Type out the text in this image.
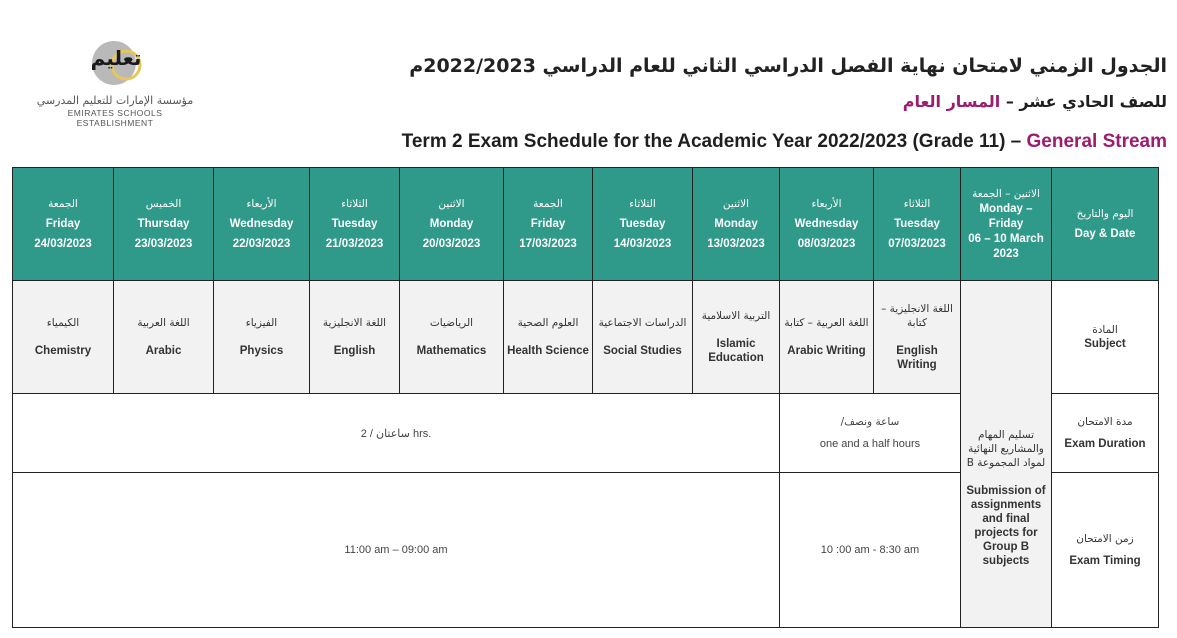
تعليم
مؤسسة الإمارات للتعليم المدرسي
EMIRATES SCHOOLS ESTABLISHMENT
الجدول الزمني لامتحان نهاية الفصل الدراسي الثاني للعام الدراسي 2022/2023م
للصف الحادي عشر – المسار العام
Term 2 Exam Schedule for the Academic Year 2022/2023 (Grade 11) – General Stream
الجمعة
Friday
24/03/2023	الخميس
Thursday
23/03/2023	الأربعاء
Wednesday
22/03/2023	الثلاثاء
Tuesday
21/03/2023	الاثنين
Monday
20/03/2023	الجمعة
Friday
17/03/2023	الثلاثاء
Tuesday
14/03/2023	الاثنين
Monday
13/03/2023	الأربعاء
Wednesday
08/03/2023	الثلاثاء
Tuesday
07/03/2023	الاثنين – الجمعة
Monday – Friday
06 – 10 March 2023	اليوم والتاريخ
Day & Date

الكيمياء

Chemistry	اللغة العربية

Arabic	الفيزياء

Physics	اللغة الانجليزية

English	الرياضيات

Mathematics	العلوم الصحية

Health Science	الدراسات الاجتماعية

Social Studies	التربية الاسلامية

Islamic Education	اللغة العربية – كتابة

Arabic Writing	اللغة الانجليزية – كتابة

English Writing	تسليم المهام والمشاريع النهائية لمواد المجموعة B

Submission of assignments and final projects for Group B subjects	المادة
Subject

ساعتان / 2 hrs.								ساعة ونصف/
one and a half hours			مدة الامتحان
Exam Duration

11:00 am – 09:00 am								10 :00 am - 8:30 am			زمن الامتحان
Exam Timing
